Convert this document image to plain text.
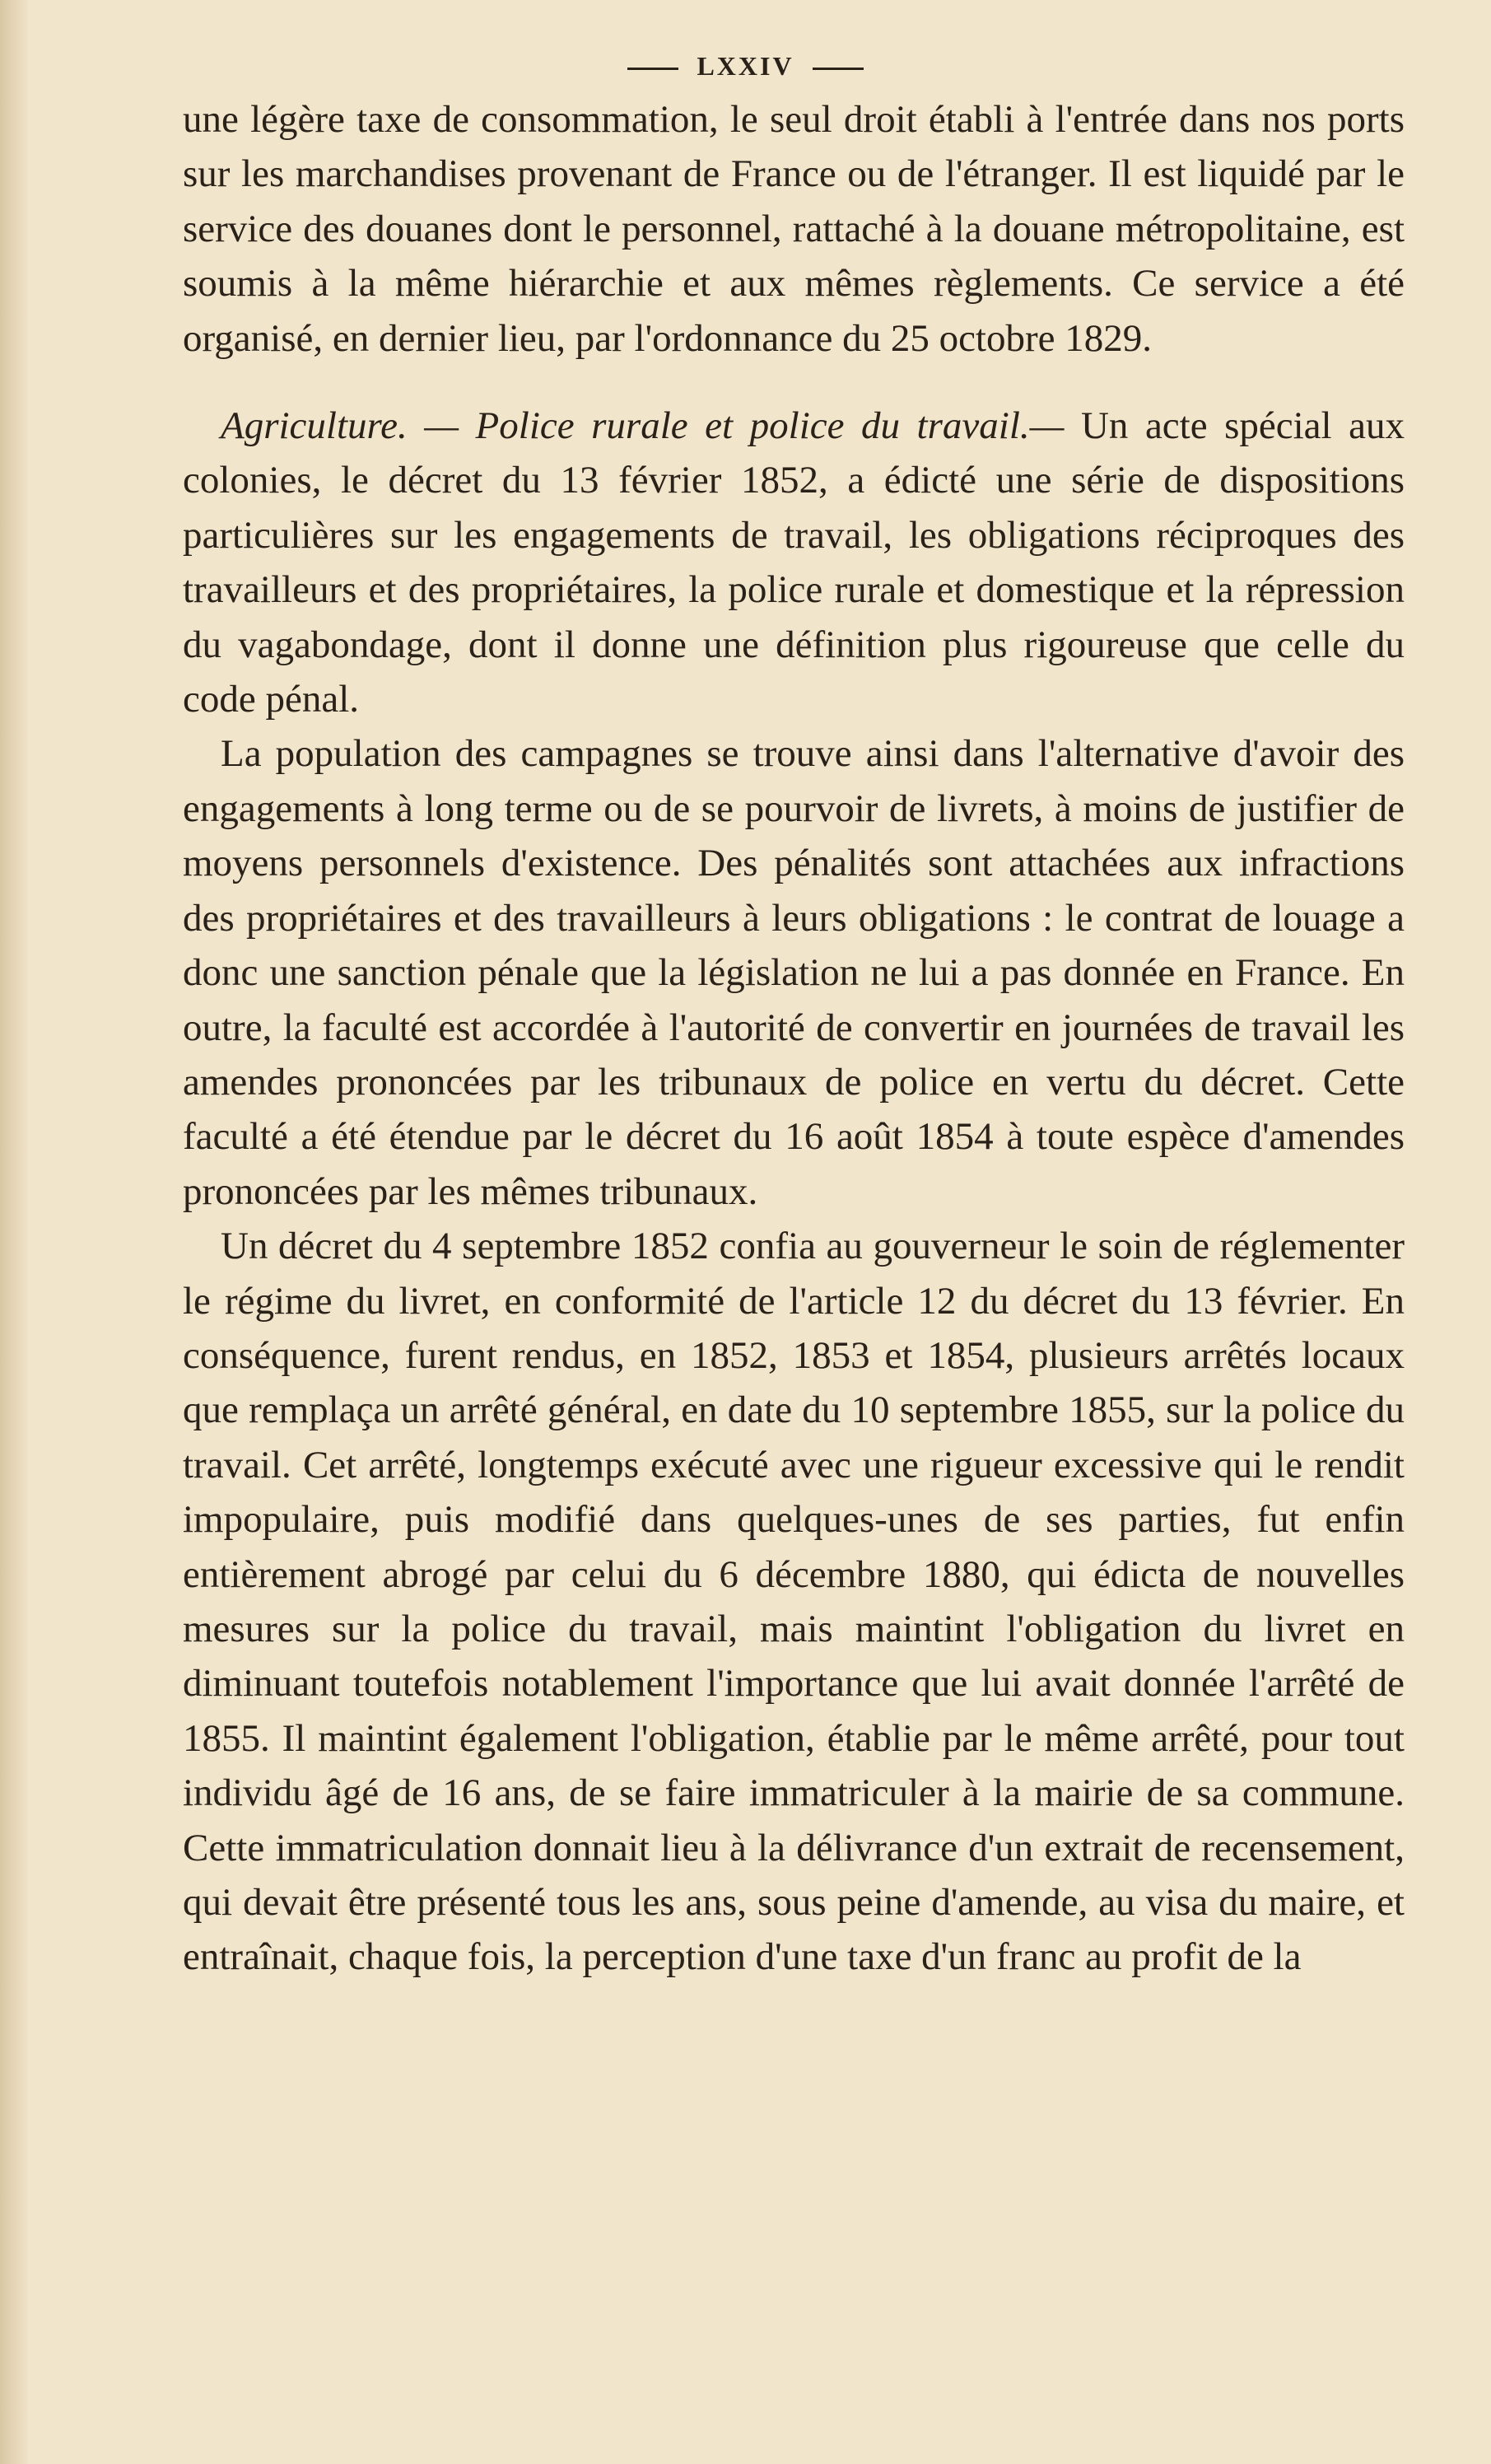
LXXIV

une légère taxe de consommation, le seul droit établi à l'entrée dans nos ports sur les marchandises provenant de France ou de l'étranger. Il est liquidé par le service des douanes dont le personnel, rattaché à la douane métropolitaine, est soumis à la même hiérarchie et aux mêmes règlements. Ce service a été organisé, en dernier lieu, par l'ordonnance du 25 octobre 1829.

Agriculture. — Police rurale et police du travail.— Un acte spécial aux colonies, le décret du 13 février 1852, a édicté une série de dispositions particulières sur les engagements de travail, les obligations réciproques des travailleurs et des propriétaires, la police rurale et domestique et la répression du vagabondage, dont il donne une définition plus rigoureuse que celle du code pénal.

La population des campagnes se trouve ainsi dans l'alternative d'avoir des engagements à long terme ou de se pourvoir de livrets, à moins de justifier de moyens personnels d'existence. Des pénalités sont attachées aux infractions des propriétaires et des travailleurs à leurs obligations : le contrat de louage a donc une sanction pénale que la législation ne lui a pas donnée en France. En outre, la faculté est accordée à l'autorité de convertir en journées de travail les amendes prononcées par les tribunaux de police en vertu du décret. Cette faculté a été étendue par le décret du 16 août 1854 à toute espèce d'amendes prononcées par les mêmes tribunaux.

Un décret du 4 septembre 1852 confia au gouverneur le soin de réglementer le régime du livret, en conformité de l'article 12 du décret du 13 février. En conséquence, furent rendus, en 1852, 1853 et 1854, plusieurs arrêtés locaux que remplaça un arrêté général, en date du 10 septembre 1855, sur la police du travail. Cet arrêté, longtemps exécuté avec une rigueur excessive qui le rendit impopulaire, puis modifié dans quelques-unes de ses parties, fut enfin entièrement abrogé par celui du 6 décembre 1880, qui édicta de nouvelles mesures sur la police du travail, mais maintint l'obligation du livret en diminuant toutefois notablement l'importance que lui avait donnée l'arrêté de 1855. Il maintint également l'obligation, établie par le même arrêté, pour tout individu âgé de 16 ans, de se faire immatriculer à la mairie de sa commune. Cette immatriculation donnait lieu à la délivrance d'un extrait de recensement, qui devait être présenté tous les ans, sous peine d'amende, au visa du maire, et entraînait, chaque fois, la perception d'une taxe d'un franc au profit de la
